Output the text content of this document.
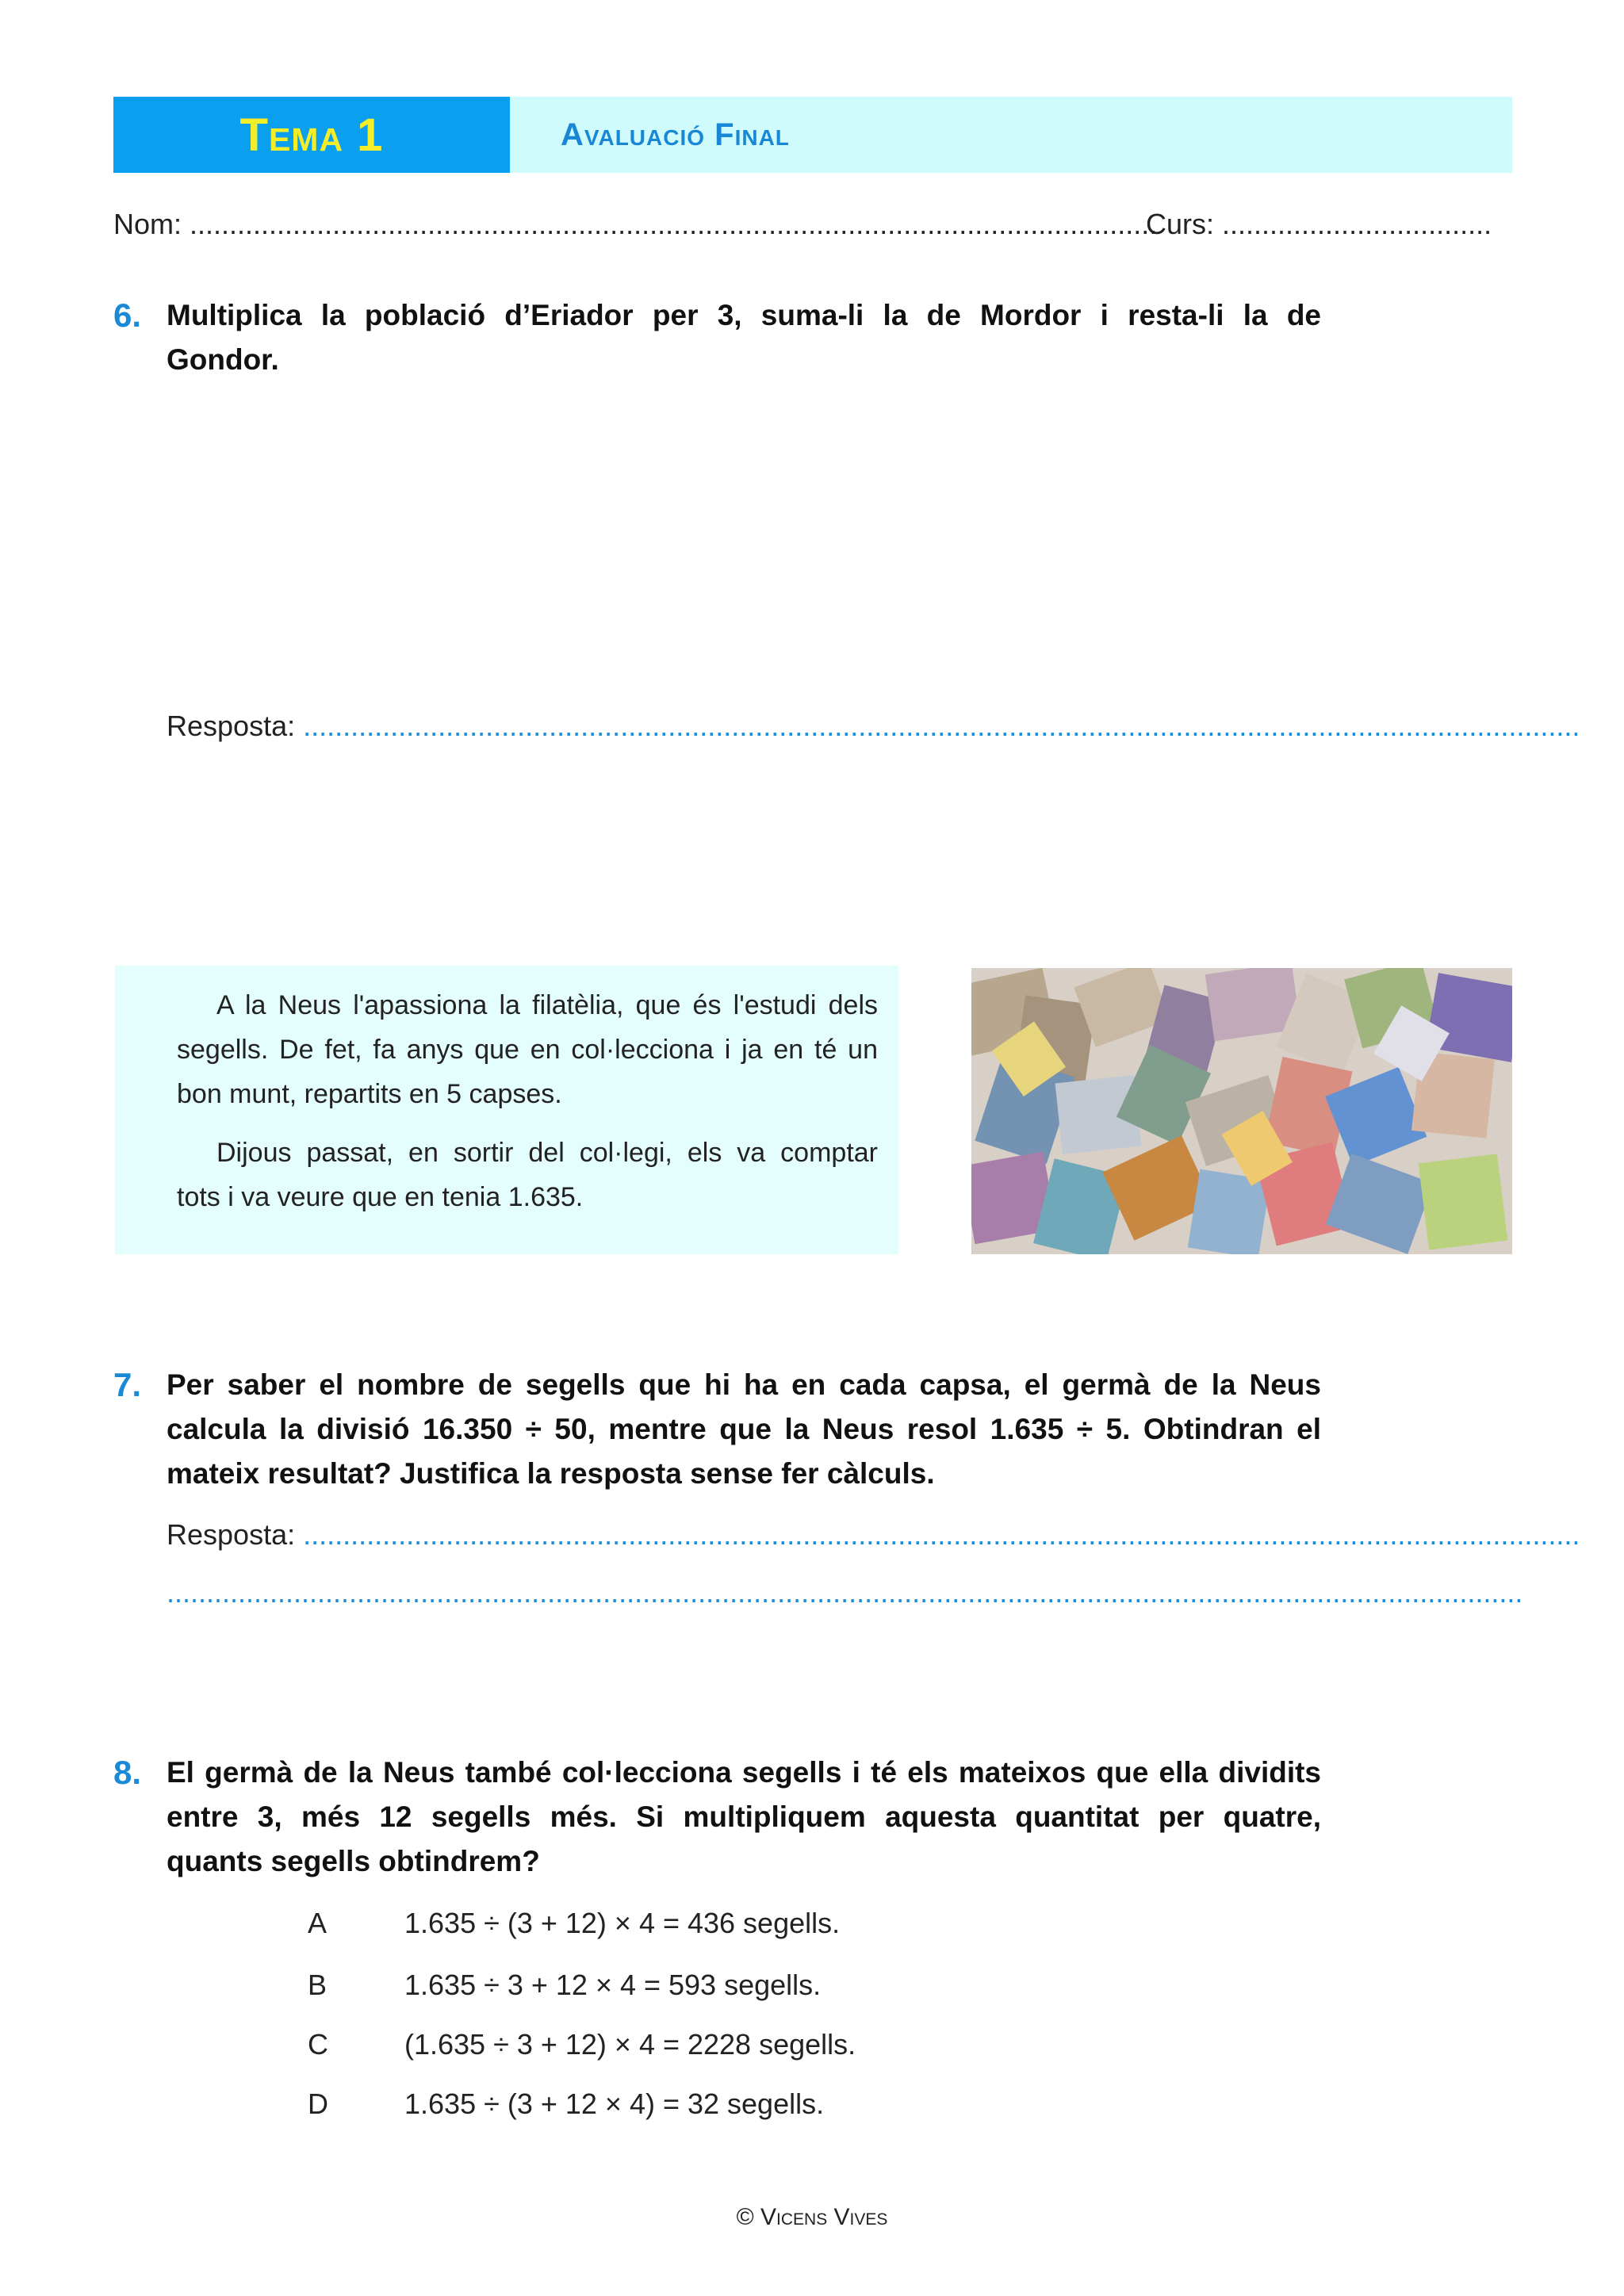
Tema 1	Avaluació Final
Nom: ..........................................................................................................................
Curs: ..................................
6. Multiplica la població d’Eriador per 3, suma-li la de Mordor i resta-li la de
Gondor.
Resposta: .................................................................................................................................................................
A la Neus l'apassiona la filatèlia, que és l'estudi dels
segells. De fet, fa anys que en col·lecciona i ja en té un
bon munt, repartits en 5 capses.
Dijous passat, en sortir del col·legi, els va comptar
tots i va veure que en tenia 1.635.
7. Per saber el nombre de segells que hi ha en cada capsa, el germà de la Neus
calcula la divisió 16.350 ÷ 50, mentre que la Neus resol 1.635 ÷ 5. Obtindran el
mateix resultat? Justifica la resposta sense fer càlculs.
Resposta: .................................................................................................................................................................
...........................................................................................................................................................................
8. El germà de la Neus també col·lecciona segells i té els mateixos que ella dividits
entre 3, més 12 segells més. Si multipliquem aquesta quantitat per quatre,
quants segells obtindrem?
A	1.635 ÷ (3 + 12) × 4 = 436 segells.
B	1.635 ÷ 3 + 12 × 4 = 593 segells.
C	(1.635 ÷ 3 + 12) × 4 = 2228 segells.
D	1.635 ÷ (3 + 12 × 4) = 32 segells.
© Vicens Vives
